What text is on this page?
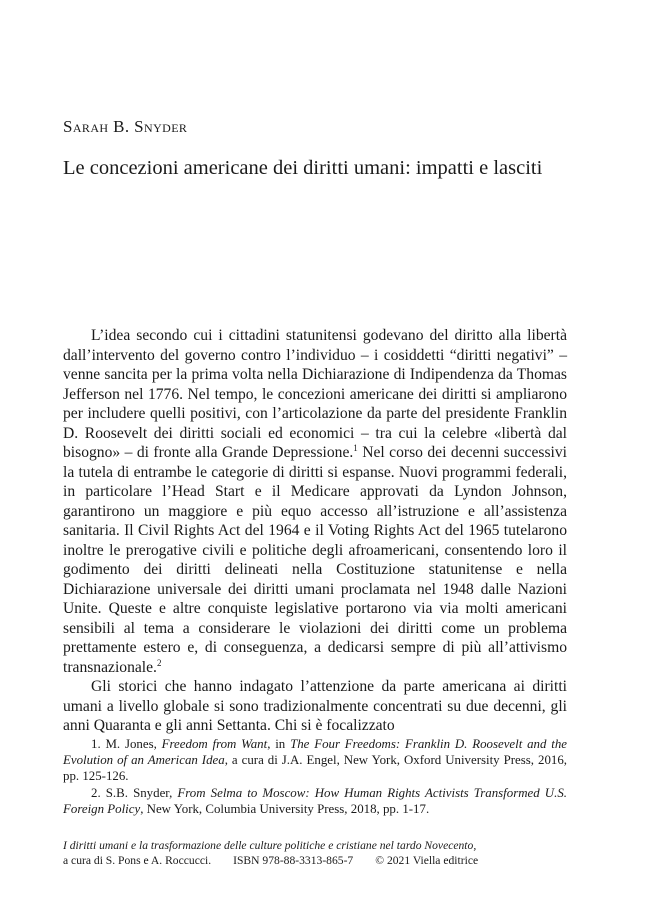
Sarah B. Snyder
Le concezioni americane dei diritti umani: impatti e lasciti

L’idea secondo cui i cittadini statunitensi godevano del diritto alla libertà dall’intervento del governo contro l’individuo – i cosiddetti “diritti negativi” – venne sancita per la prima volta nella Dichiarazione di Indipendenza da Thomas Jefferson nel 1776. Nel tempo, le concezioni americane dei diritti si ampliarono per includere quelli positivi, con l’articolazione da parte del presidente Franklin D. Roosevelt dei diritti sociali ed economici – tra cui la celebre «libertà dal bisogno» – di fronte alla Grande Depressione.$^1$ Nel corso dei decenni successivi la tutela di entrambe le categorie di diritti si espanse. Nuovi programmi federali, in particolare l’Head Start e il Medicare approvati da Lyndon Johnson, garantirono un maggiore e più equo accesso all’istruzione e all’assistenza sanitaria. Il Civil Rights Act del 1964 e il Voting Rights Act del 1965 tutelarono inoltre le prerogative civili e politiche degli afroamericani, consentendo loro il godimento dei diritti delineati nella Costituzione statunitense e nella Dichiarazione universale dei diritti umani proclamata nel 1948 dalle Nazioni Unite. Queste e altre conquiste legislative portarono via via molti americani sensibili al tema a considerare le violazioni dei diritti come un problema prettamente estero e, di conseguenza, a dedicarsi sempre di più all’attivismo transnazionale.$^2$

Gli storici che hanno indagato l’attenzione da parte americana ai diritti umani a livello globale si sono tradizionalmente concentrati su due decenni, gli anni Quaranta e gli anni Settanta. Chi si è focalizzato

1. M. Jones, Freedom from Want, in The Four Freedoms: Franklin D. Roosevelt and the Evolution of an American Idea, a cura di J.A. Engel, New York, Oxford University Press, 2016, pp. 125-126.

2. S.B. Snyder, From Selma to Moscow: How Human Rights Activists Transformed U.S. Foreign Policy, New York, Columbia University Press, 2018, pp. 1-17.

I diritti umani e la trasformazione delle culture politiche e cristiane nel tardo Novecento,
a cura di S. Pons e A. Roccucci. ISBN 978-88-3313-865-7 © 2021 Viella editrice
